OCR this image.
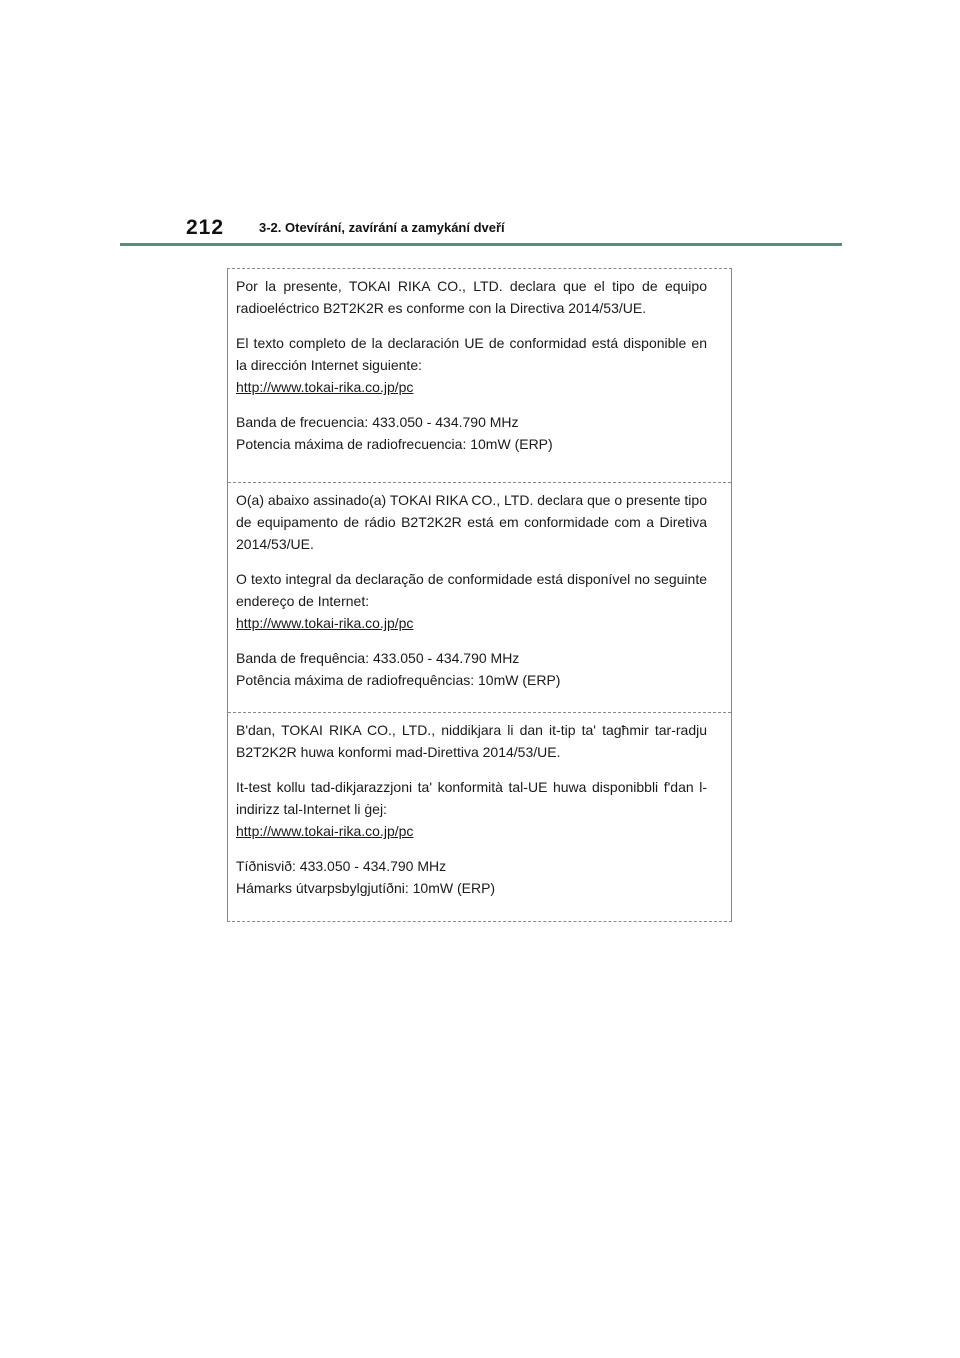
212	3-2. Otevírání, zavírání a zamykání dveří

Por la presente, TOKAI RIKA CO., LTD. declara que el tipo de equipo radioeléctrico B2T2K2R es conforme con la Directiva 2014/53/UE.

El texto completo de la declaración UE de conformidad está disponible en la dirección Internet siguiente:
http://www.tokai-rika.co.jp/pc

Banda de frecuencia: 433.050 - 434.790 MHz
Potencia máxima de radiofrecuencia: 10mW (ERP)

O(a) abaixo assinado(a) TOKAI RIKA CO., LTD. declara que o presente tipo de equipamento de rádio B2T2K2R está em conformidade com a Diretiva 2014/53/UE.

O texto integral da declaração de conformidade está disponível no seguinte endereço de Internet:
http://www.tokai-rika.co.jp/pc

Banda de frequência: 433.050 - 434.790 MHz
Potência máxima de radiofrequências: 10mW (ERP)

B'dan, TOKAI RIKA CO., LTD., niddikjara li dan it-tip ta' tagħmir tar-radju B2T2K2R huwa konformi mad-Direttiva 2014/53/UE.

It-test kollu tad-dikjarazzjoni ta' konformità tal-UE huwa disponibbli f'dan l-indirizz tal-Internet li ġej:
http://www.tokai-rika.co.jp/pc

Tíðnisvið: 433.050 - 434.790 MHz
Hámarks útvarpsbylgjutíðni: 10mW (ERP)
